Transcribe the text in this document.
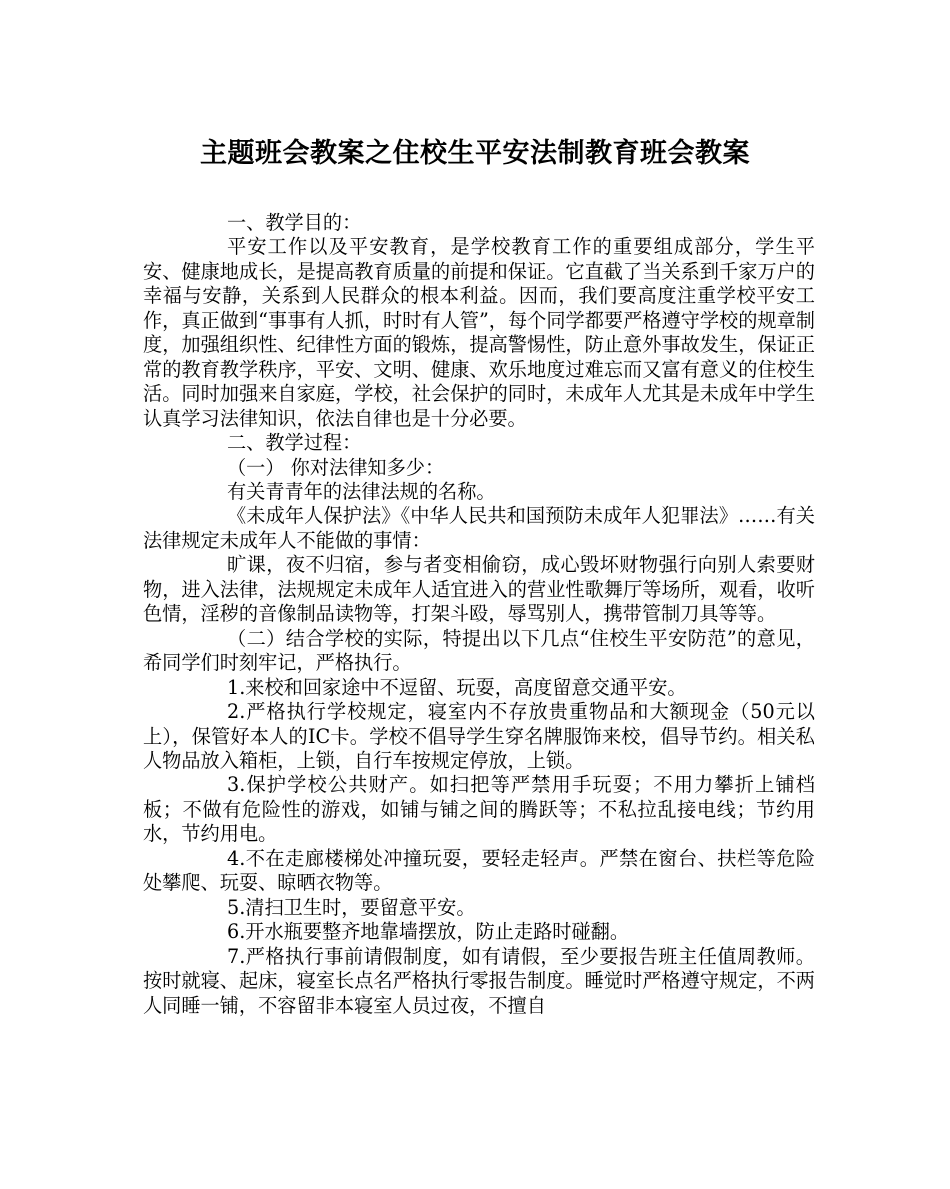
主题班会教案之住校生平安法制教育班会教案

一、教学目的：

平安工作以及平安教育，是学校教育工作的重要组成部分，学生平安、健康地成长，是提高教育质量的前提和保证。它直截了当关系到千家万户的幸福与安静，关系到人民群众的根本利益。因而，我们要高度注重学校平安工作，真正做到“事事有人抓，时时有人管”，每个同学都要严格遵守学校的规章制度，加强组织性、纪律性方面的锻炼，提高警惕性，防止意外事故发生，保证正常的教育教学秩序，平安、文明、健康、欢乐地度过难忘而又富有意义的住校生活。同时加强来自家庭，学校，社会保护的同时，未成年人尤其是未成年中学生认真学习法律知识，依法自律也是十分必要。

二、教学过程：

（一） 你对法律知多少：

有关青青年的法律法规的名称。

《未成年人保护法》《中华人民共和国预防未成年人犯罪法》……有关法律规定未成年人不能做的事情：

旷课，夜不归宿，参与者变相偷窃，成心毁坏财物强行向别人索要财物，进入法律，法规规定未成年人适宜进入的营业性歌舞厅等场所，观看，收听色情，淫秽的音像制品读物等，打架斗殴，辱骂别人，携带管制刀具等等。

（二）结合学校的实际，特提出以下几点“住校生平安防范”的意见，希同学们时刻牢记，严格执行。

1.来校和回家途中不逗留、玩耍，高度留意交通平安。

2.严格执行学校规定，寝室内不存放贵重物品和大额现金（50元以上），保管好本人的IC卡。学校不倡导学生穿名牌服饰来校，倡导节约。相关私人物品放入箱柜，上锁，自行车按规定停放，上锁。

3.保护学校公共财产。如扫把等严禁用手玩耍；不用力攀折上铺档板；不做有危险性的游戏，如铺与铺之间的腾跃等；不私拉乱接电线；节约用水，节约用电。

4.不在走廊楼梯处冲撞玩耍，要轻走轻声。严禁在窗台、扶栏等危险处攀爬、玩耍、晾晒衣物等。

5.清扫卫生时，要留意平安。

6.开水瓶要整齐地靠墙摆放，防止走路时碰翻。

7.严格执行事前请假制度，如有请假，至少要报告班主任值周教师。按时就寝、起床，寝室长点名严格执行零报告制度。睡觉时严格遵守规定，不两人同睡一铺，不容留非本寝室人员过夜，不擅自
